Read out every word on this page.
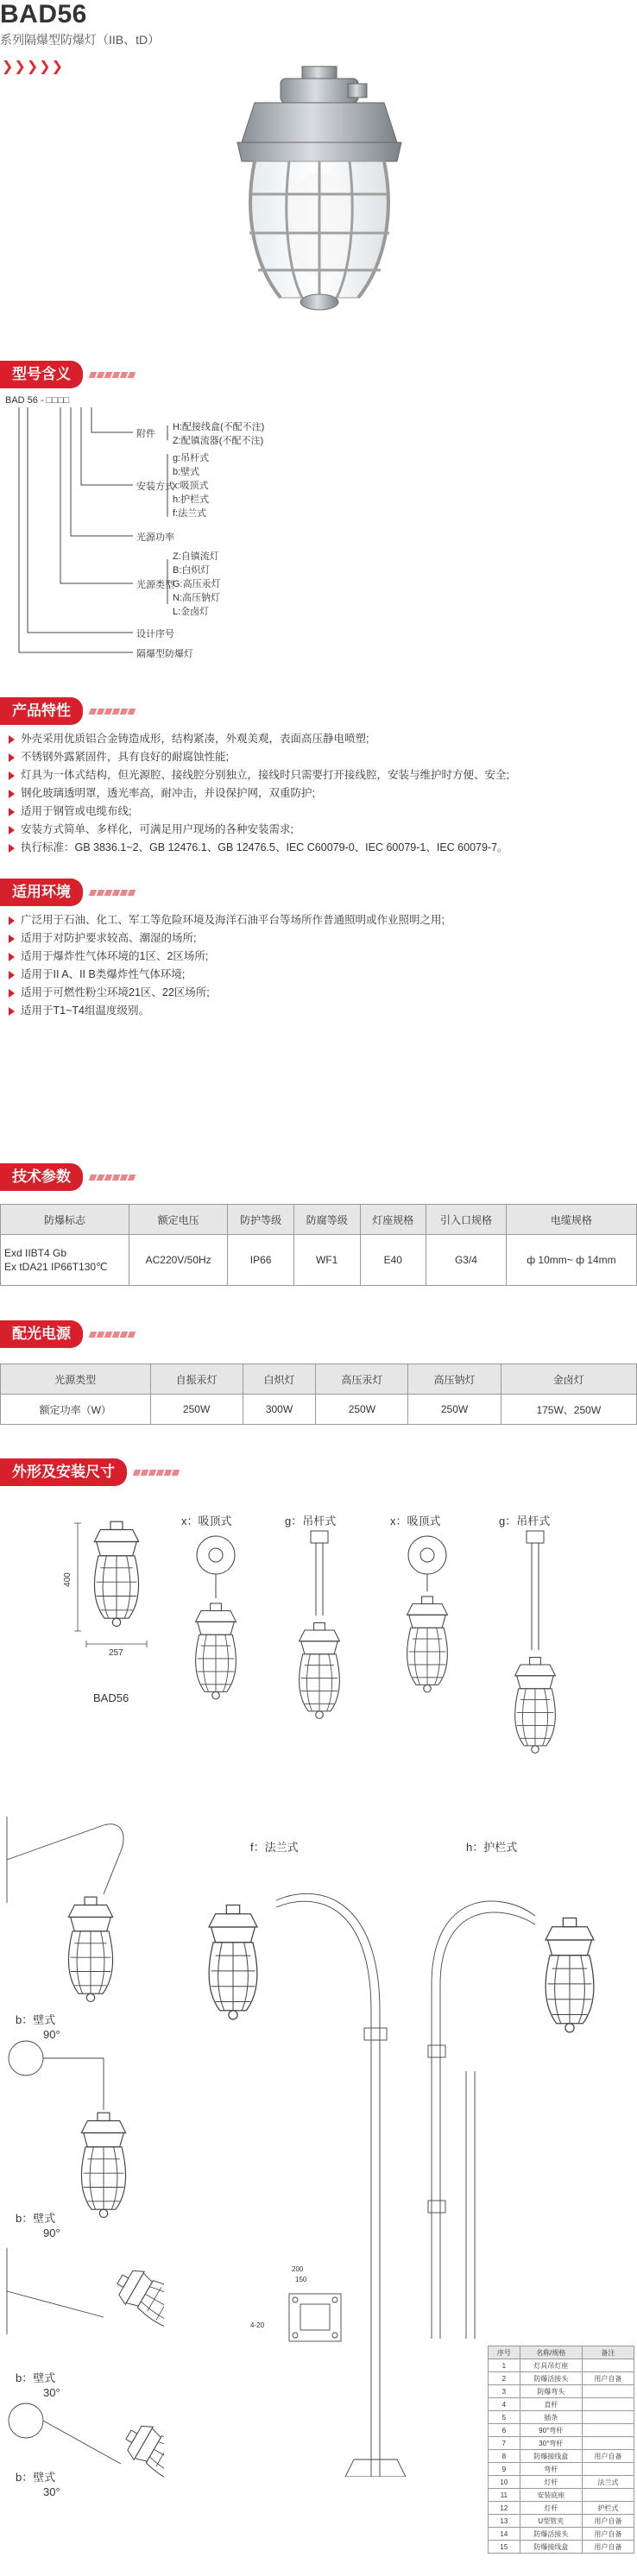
BAD56
系列隔爆型防爆灯（IIB、tD）
❯ ❯ ❯ ❯ ❯
型号含义
BAD 56 - □□□□
附件
H:配接线盒(不配不注)
Z:配镇流器(不配不注)
安装方式
g:吊杆式
b:壁式
x:吸顶式
h:护栏式
f:法兰式
光源功率
光源类型
Z:自镇流灯
B:白炽灯
G:高压汞灯
N:高压钠灯
L:金卤灯
设计序号
隔爆型防爆灯
产品特性
外壳采用优质铝合金铸造成形，结构紧凑，外观美观，表面高压静电喷塑;
不锈钢外露紧固件，具有良好的耐腐蚀性能;
灯具为一体式结构，但光源腔、接线腔分别独立，接线时只需要打开接线腔，安装与维护时方便、安全;
钢化玻璃透明罩，透光率高，耐冲击，并设保护网，双重防护;
适用于钢管或电缆布线;
安装方式简单、多样化，可满足用户现场的各种安装需求;
执行标准：GB 3836.1~2、GB 12476.1、GB 12476.5、IEC C60079-0、IEC 60079-1、IEC 60079-7。
适用环境
广泛用于石油、化工、军工等危险环境及海洋石油平台等场所作普通照明或作业照明之用;
适用于对防护要求较高、潮湿的场所;
适用于爆炸性气体环境的1区、2区场所;
适用于II A、II B类爆炸性气体环境;
适用于可燃性粉尘环境21区、22区场所;
适用于T1~T4组温度级别。
技术参数
防爆标志	额定电压	防护等级	防腐等级	灯座规格	引入口规格	电缆规格
Exd IIBT4 Gb
Ex tDA21 IP66T130℃	AC220V/50Hz	IP66	WF1	E40	G3/4	ф 10mm~ ф 14mm
配光电源
光源类型	自振汞灯	白炽灯	高压汞灯	高压钠灯	金卤灯
额定功率（W）	250W	300W	250W	250W	175W、250W
外形及安装尺寸
400
257
BAD56
x：吸顶式	g：吊杆式	x：吸顶式	g：吊杆式
b：壁式
90°
b：壁式
90°
b：壁式
30°
b：壁式
30°
f：法兰式	h：护栏式
200
150
4-20
序号	名称/规格	备注
1	灯具吊灯座	
2	防爆活接头	用户自备
3	防爆弯头	
4	直杆	
5	插条	
6	90°弯杆	
7	30°弯杆	
8	防爆接线盒	用户自备
9	弯杆	
10	灯杆	法兰式
11	安装底座	
12	灯杆	护栏式
13	U型管夹	用户自备
14	防爆活接头	用户自备
15	防爆接线盒	用户自备
